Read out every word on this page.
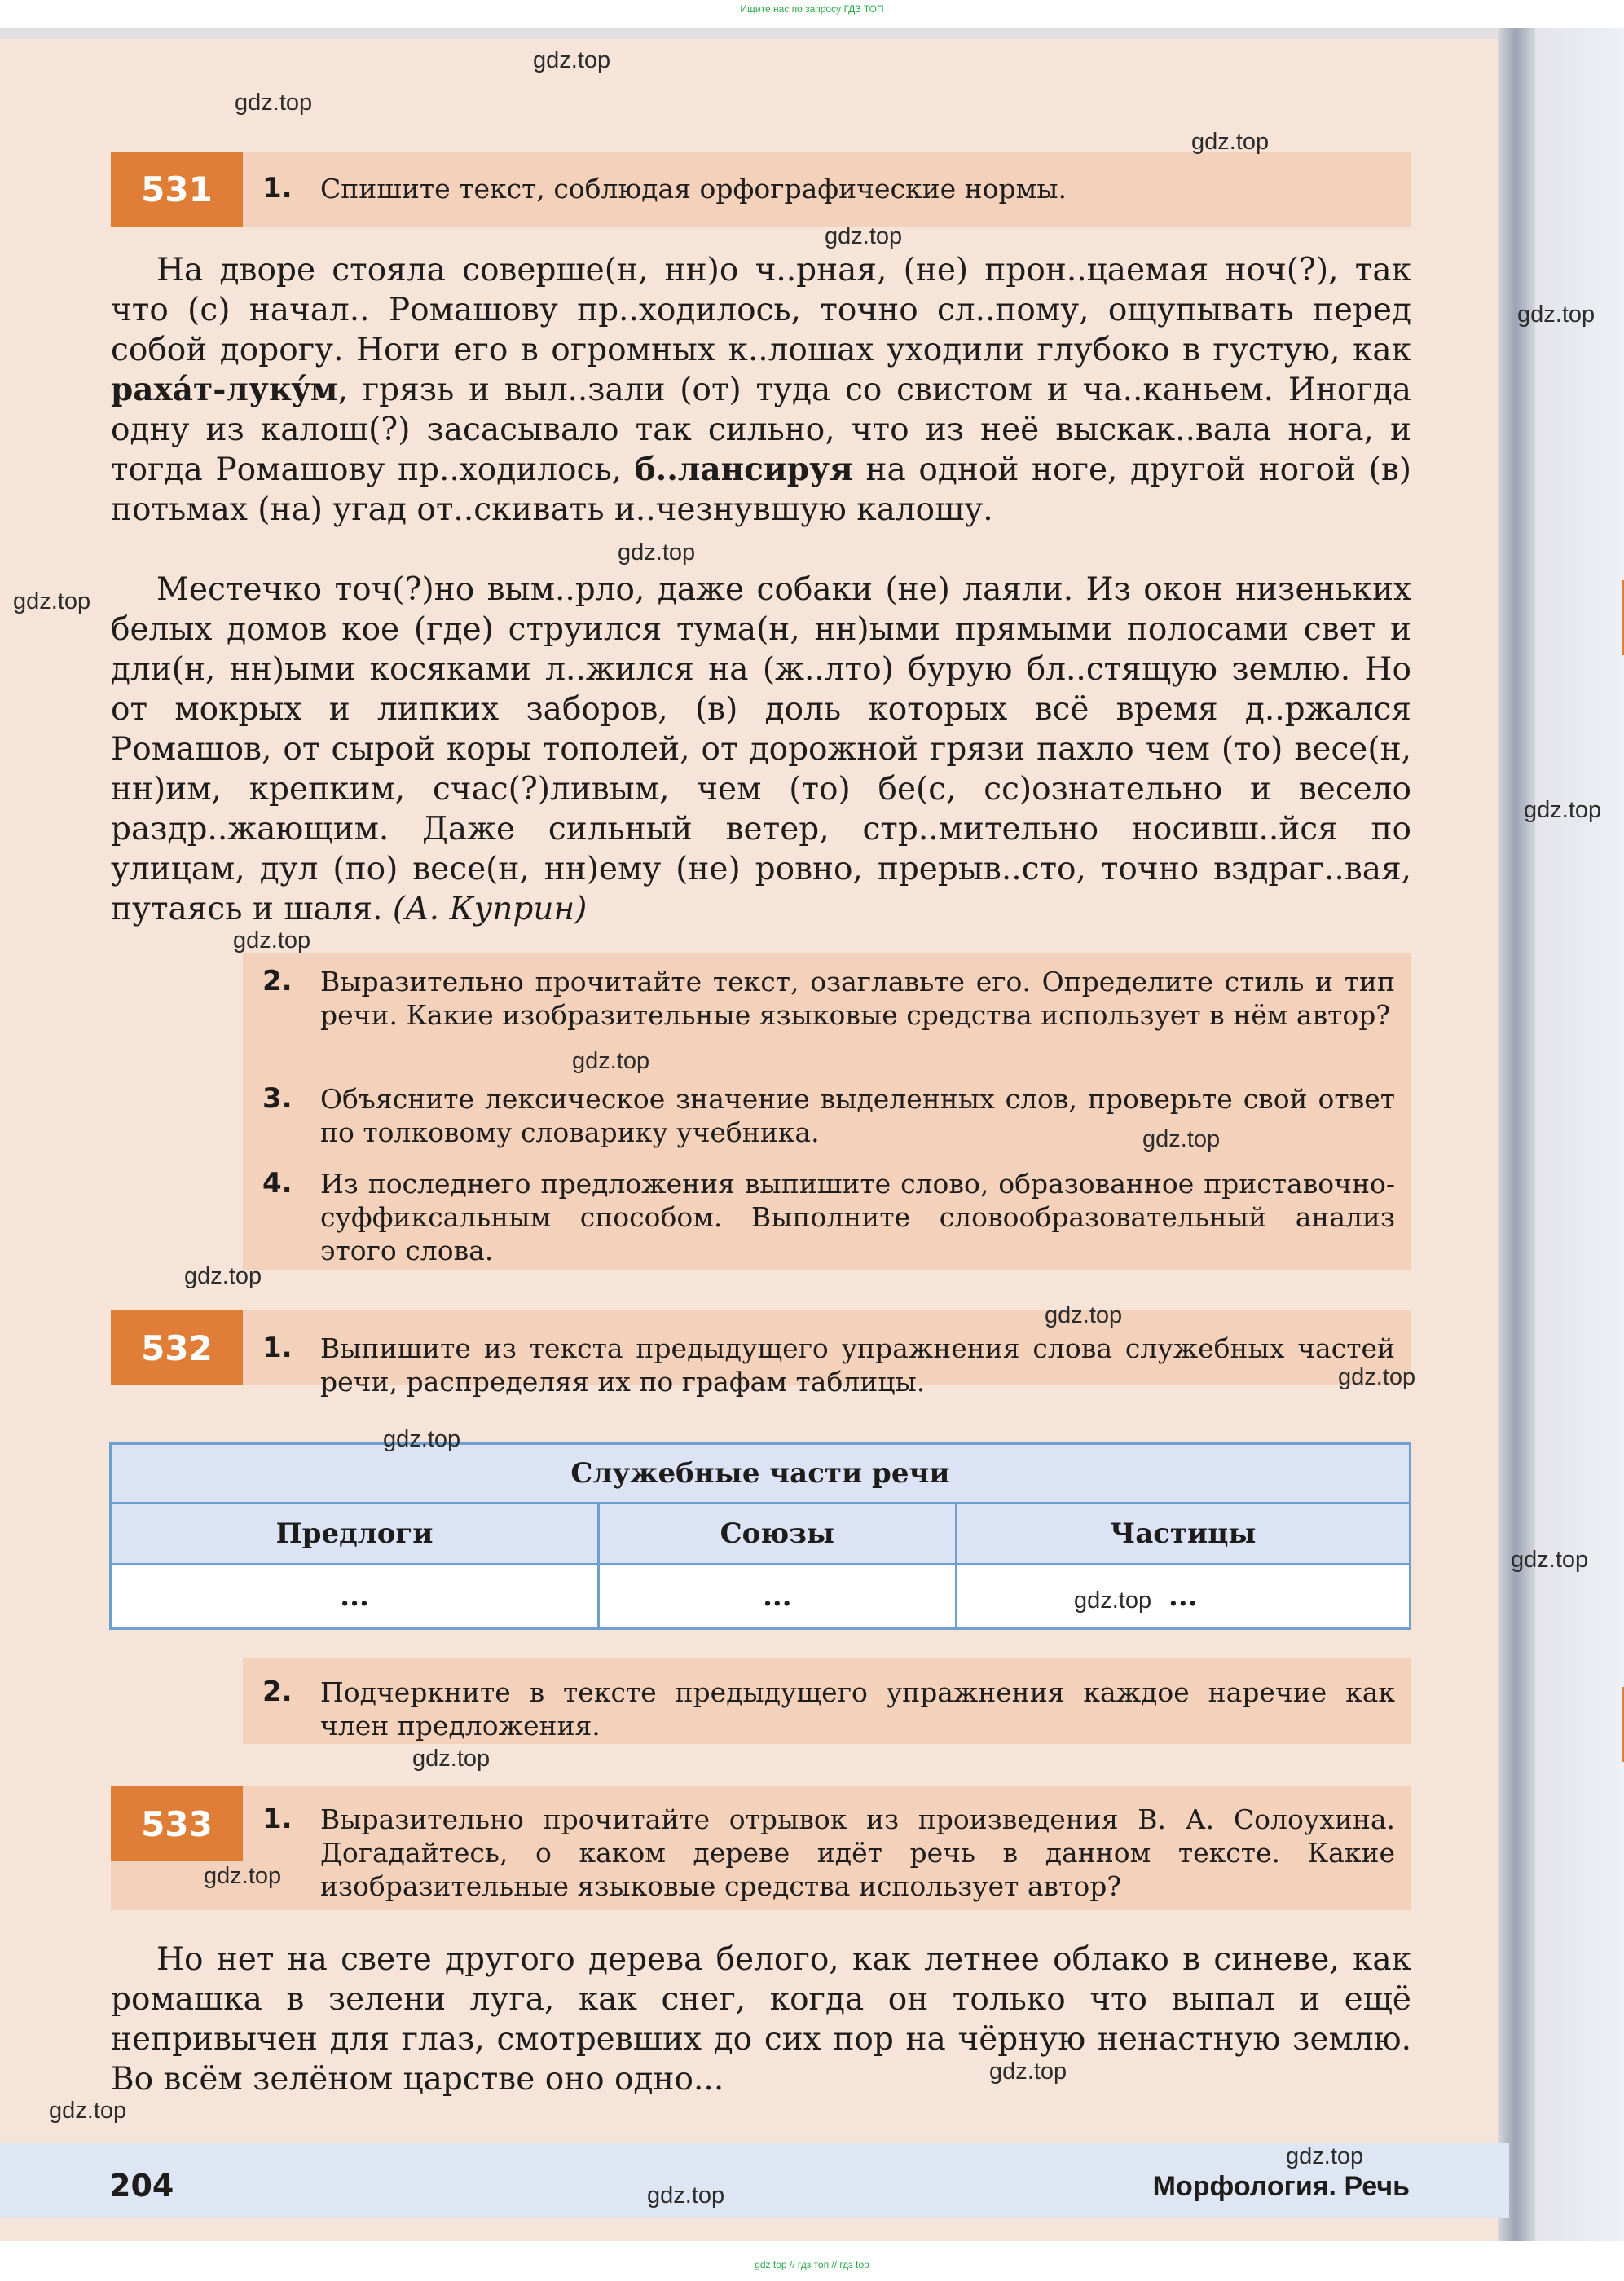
Ищите нас по запросу ГДЗ ТОП
531	1. Спишите текст, соблюдая орфографические нормы.
На дворе стояла соверше(н, нн)о ч..рная, (не) прон..цаемая ноч(?), так что (с) начал.. Ромашову пр..ходилось, точно сл..пому, ощупывать перед собой дорогу. Ноги его в огромных к..лошах уходили глубоко в густую, как рахáт-лукýм, грязь и выл..зали (от) туда со свистом и ча..каньем. Иногда одну из калош(?) засасывало так сильно, что из неё выскак..вала нога, и тогда Ромашову пр..ходилось, б..лансируя на одной ноге, другой ногой (в) потьмах (на) угад от..скивать и..чезнувшую калошу.
Местечко точ(?)но вым..рло, даже собаки (не) лаяли. Из окон низеньких белых домов кое (где) струился тума(н, нн)ыми прямыми полосами свет и дли(н, нн)ыми косяками л..жился на (ж..лто) бурую бл..стящую землю. Но от мокрых и липких заборов, (в) доль которых всё время д..ржался Ромашов, от сырой коры тополей, от дорожной грязи пахло чем (то) весе(н, нн)им, крепким, счас(?)ливым, чем (то) бе(с, сс)ознательно и весело раздр..жающим. Даже сильный ветер, стр..мительно носивш..йся по улицам, дул (по) весе(н, нн)ему (не) ровно, прерыв..сто, точно вздраг..вая, путаясь и шаля. (А. Куприн)
2. Выразительно прочитайте текст, озаглавьте его. Определите стиль и тип речи. Какие изобразительные языковые средства использует в нём автор?
3. Объясните лексическое значение выделенных слов, проверьте свой ответ по толковому словарику учебника.
4. Из последнего предложения выпишите слово, образованное приставочно-суффиксальным способом. Выполните словообразовательный анализ этого слова.
532	1. Выпишите из текста предыдущего упражнения слова служебных частей речи, распределяя их по графам таблицы.
Служебные части речи		
Предлоги	Союзы	Частицы
...	...	...
2. Подчеркните в тексте предыдущего упражнения каждое наречие как член предложения.
533	1. Выразительно прочитайте отрывок из произведения В. А. Солоухина. Догадайтесь, о каком дереве идёт речь в данном тексте. Какие изобразительные языковые средства использует автор?
Но нет на свете другого дерева белого, как летнее облако в синеве, как ромашка в зелени луга, как снег, когда он только что выпал и ещё непривычен для глаз, смотревших до сих пор на чёрную ненастную землю. Во всём зелёном царстве оно одно...
204	Морфология. Речь
gdz.top
gdz.top
gdz.top
gdz.top
gdz.top
gdz.top
gdz.top
gdz.top
gdz.top
gdz.top
gdz.top
gdz.top
gdz.top
gdz.top
gdz.top
gdz.top
gdz.top
gdz.top
gdz.top
gdz.top
gdz.top
gdz.top
gdz.top
gdz top // гдз топ // гдз top
